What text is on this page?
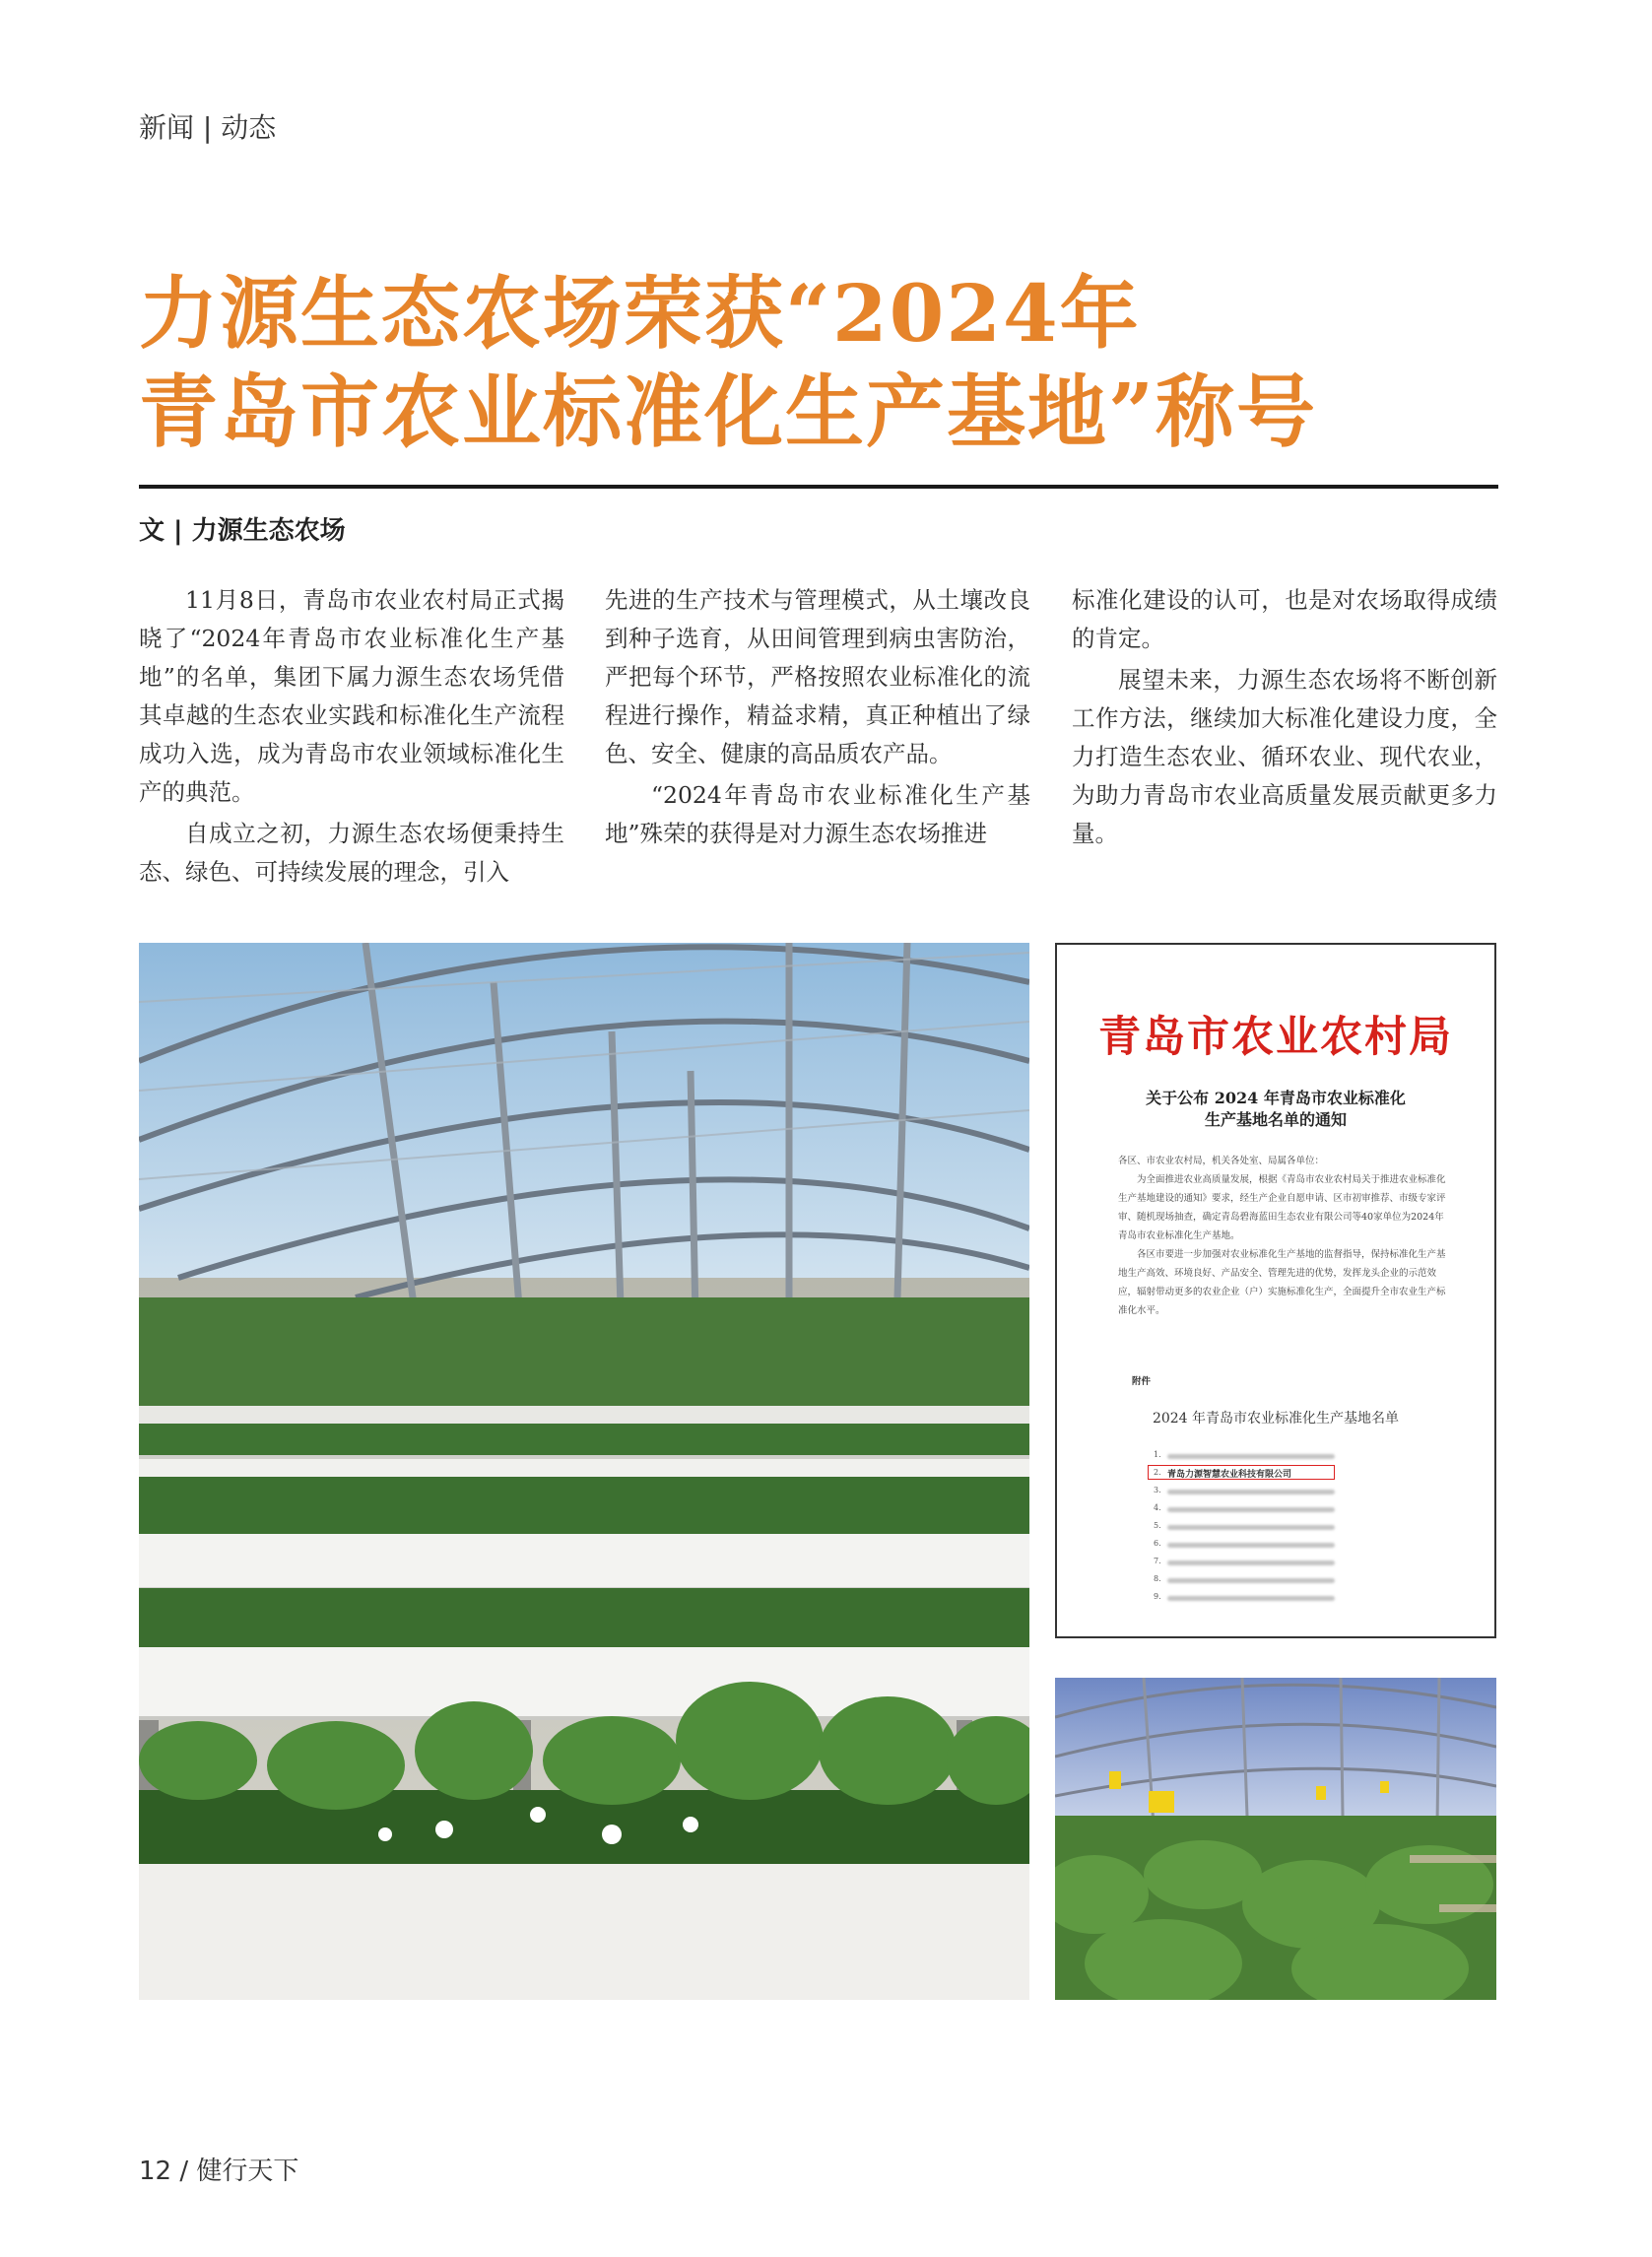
新闻 | 动态
力源生态农场荣获“2024年
青岛市农业标准化生产基地”称号
文 | 力源生态农场

11月8日，青岛市农业农村局正式揭晓了“2024年青岛市农业标准化生产基地”的名单，集团下属力源生态农场凭借其卓越的生态农业实践和标准化生产流程成功入选，成为青岛市农业领域标准化生产的典范。

自成立之初，力源生态农场便秉持生态、绿色、可持续发展的理念，引入

先进的生产技术与管理模式，从土壤改良到种子选育，从田间管理到病虫害防治，严把每个环节，严格按照农业标准化的流程进行操作，精益求精，真正种植出了绿色、安全、健康的高品质农产品。

“2024年青岛市农业标准化生产基地”殊荣的获得是对力源生态农场推进

标准化建设的认可，也是对农场取得成绩的肯定。

展望未来，力源生态农场将不断创新工作方法，继续加大标准化建设力度，全力打造生态农业、循环农业、现代农业，为助力青岛市农业高质量发展贡献更多力量。

青岛市农业农村局
关于公布 2024 年青岛市农业标准化
生产基地名单的通知

各区、市农业农村局，机关各处室、局属各单位：

为全面推进农业高质量发展，根据《青岛市农业农村局关于推进农业标准化生产基地建设的通知》要求，经生产企业自愿申请、区市初审推荐、市级专家评审、随机现场抽查，确定青岛碧海蓝田生态农业有限公司等40家单位为2024年青岛市农业标准化生产基地。

各区市要进一步加强对农业标准化生产基地的监督指导，保持标准化生产基地生产高效、环境良好、产品安全、管理先进的优势，发挥龙头企业的示范效应，辐射带动更多的农业企业（户）实施标准化生产，全面提升全市农业生产标准化水平。

附件
2024 年青岛市农业标准化生产基地名单
1.
2. 青岛力源智慧农业科技有限公司
3.
4.
5.
6.
7.
8.
9.
12 / 健行天下
